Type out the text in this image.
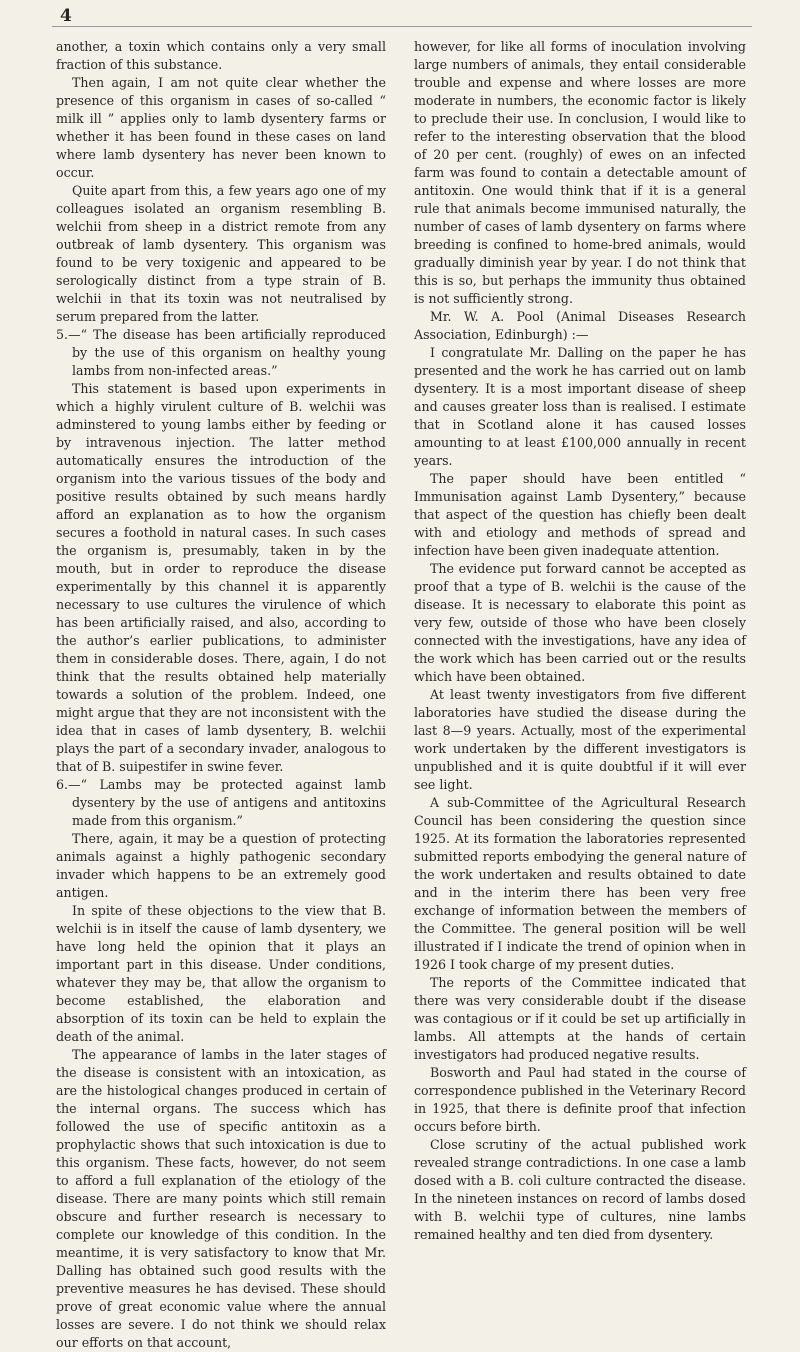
4

another, a toxin which contains only a very small fraction of this substance.

Then again, I am not quite clear whether the presence of this organism in cases of so-called “ milk ill ” applies only to lamb dysentery farms or whether it has been found in these cases on land where lamb dysentery has never been known to occur.

Quite apart from this, a few years ago one of my colleagues isolated an organism resembling B. welchii from sheep in a district remote from any outbreak of lamb dysentery. This organism was found to be very toxigenic and appeared to be serologically distinct from a type strain of B. welchii in that its toxin was not neutralised by serum prepared from the latter.

5.—“ The disease has been artificially reproduced by the use of this organism on healthy young lambs from non-infected areas.”

This statement is based upon experiments in which a highly virulent culture of B. welchii was adminstered to young lambs either by feeding or by intravenous injection. The latter method automatically ensures the introduction of the organism into the various tissues of the body and positive results obtained by such means hardly afford an explanation as to how the organism secures a foothold in natural cases. In such cases the organism is, presumably, taken in by the mouth, but in order to reproduce the disease experimentally by this channel it is apparently necessary to use cultures the virulence of which has been artificially raised, and also, according to the author’s earlier publications, to administer them in considerable doses. There, again, I do not think that the results obtained help materially towards a solution of the problem. Indeed, one might argue that they are not inconsistent with the idea that in cases of lamb dysentery, B. welchii plays the part of a secondary invader, analogous to that of B. suipestifer in swine fever.

6.—“ Lambs may be protected against lamb dysentery by the use of antigens and antitoxins made from this organism.”

There, again, it may be a question of protecting animals against a highly pathogenic secondary invader which happens to be an extremely good antigen.

In spite of these objections to the view that B. welchii is in itself the cause of lamb dysentery, we have long held the opinion that it plays an important part in this disease. Under conditions, whatever they may be, that allow the organism to become established, the elaboration and absorption of its toxin can be held to explain the death of the animal.

The appearance of lambs in the later stages of the disease is consistent with an intoxication, as are the histological changes produced in certain of the internal organs. The success which has followed the use of specific antitoxin as a prophylactic shows that such intoxication is due to this organism. These facts, however, do not seem to afford a full explanation of the etiology of the disease. There are many points which still remain obscure and further research is necessary to complete our knowledge of this condition. In the meantime, it is very satisfactory to know that Mr. Dalling has obtained such good results with the preventive measures he has devised. These should prove of great economic value where the annual losses are severe. I do not think we should relax our efforts on that account,

however, for like all forms of inoculation involving large numbers of animals, they entail considerable trouble and expense and where losses are more moderate in numbers, the economic factor is likely to preclude their use. In conclusion, I would like to refer to the interesting observation that the blood of 20 per cent. (roughly) of ewes on an infected farm was found to contain a detectable amount of antitoxin. One would think that if it is a general rule that animals become immunised naturally, the number of cases of lamb dysentery on farms where breeding is confined to home-bred animals, would gradually diminish year by year. I do not think that this is so, but perhaps the immunity thus obtained is not sufficiently strong.

Mr. W. A. Pool (Animal Diseases Research Association, Edinburgh) :—

I congratulate Mr. Dalling on the paper he has presented and the work he has carried out on lamb dysentery. It is a most important disease of sheep and causes greater loss than is realised. I estimate that in Scotland alone it has caused losses amounting to at least £100,000 annually in recent years.

The paper should have been entitled “ Immunisation against Lamb Dysentery,” because that aspect of the question has chiefly been dealt with and etiology and methods of spread and infection have been given inadequate attention.

The evidence put forward cannot be accepted as proof that a type of B. welchii is the cause of the disease. It is necessary to elaborate this point as very few, outside of those who have been closely connected with the investigations, have any idea of the work which has been carried out or the results which have been obtained.

At least twenty investigators from five different laboratories have studied the disease during the last 8—9 years. Actually, most of the experimental work undertaken by the different investigators is unpublished and it is quite doubtful if it will ever see light.

A sub-Committee of the Agricultural Research Council has been considering the question since 1925. At its formation the laboratories represented submitted reports embodying the general nature of the work undertaken and results obtained to date and in the interim there has been very free exchange of information between the members of the Committee. The general position will be well illustrated if I indicate the trend of opinion when in 1926 I took charge of my present duties.

The reports of the Committee indicated that there was very considerable doubt if the disease was contagious or if it could be set up artificially in lambs. All attempts at the hands of certain investigators had produced negative results.

Bosworth and Paul had stated in the course of correspondence published in the Veterinary Record in 1925, that there is definite proof that infection occurs before birth.

Close scrutiny of the actual published work revealed strange contradictions. In one case a lamb dosed with a B. coli culture contracted the disease. In the nineteen instances on record of lambs dosed with B. welchii type of cultures, nine lambs remained healthy and ten died from dysentery.
